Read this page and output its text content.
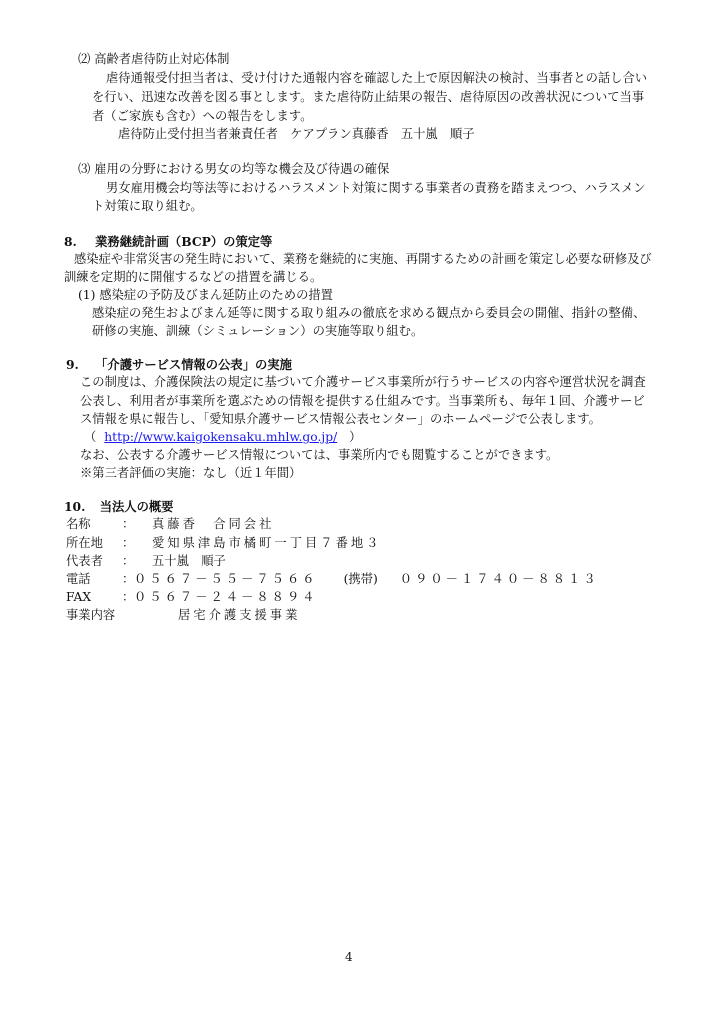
⑵ 高齢者虐待防止対応体制
虐待通報受付担当者は、受け付けた通報内容を確認した上で原因解決の検討、当事者との話し合い
を行い、迅速な改善を図る事とします。また虐待防止結果の報告、虐待原因の改善状況について当事
者（ご家族も含む）への報告をします。
虐待防止受付担当者兼責任者　ケアプラン真藤香　五十嵐　順子
⑶ 雇用の分野における男女の均等な機会及び待遇の確保
男女雇用機会均等法等におけるハラスメント対策に関する事業者の責務を踏まえつつ、ハラスメン
ト対策に取り組む。
8. 業務継続計画（BCP）の策定等
感染症や非常災害の発生時において、業務を継続的に実施、再開するための計画を策定し必要な研修及び
訓練を定期的に開催するなどの措置を講じる。
(1) 感染症の予防及びまん延防止のための措置
感染症の発生およびまん延等に関する取り組みの徹底を求める観点から委員会の開催、指針の整備、
研修の実施、訓練（シミュレーション）の実施等取り組む。
9. 「介護サービス情報の公表」の実施
この制度は、介護保険法の規定に基づいて介護サービス事業所が行うサービスの内容や運営状況を調査
公表し、利用者が事業所を選ぶための情報を提供する仕組みです。当事業所も、毎年１回、介護サービ
ス情報を県に報告し、「愛知県介護サービス情報公表センター」のホームページで公表します。
（ http://www.kaigokensaku.mhlw.go.jp/ ）
なお、公表する介護サービス情報については、事業所内でも閲覧することができます。
※第三者評価の実施：なし（近１年間）
10. 当法人の概要
名称	： 真藤香　合同会社
所在地 ： 愛知県津島市橘町一丁目７番地３
代表者 ： 五十嵐　順子
電話	：０５６７－５５－７５６６ (携帯) ０９０－１７４０－８８１３
FAX	：０５６７－２４－８８９４
事業内容	居宅介護支援事業
4
